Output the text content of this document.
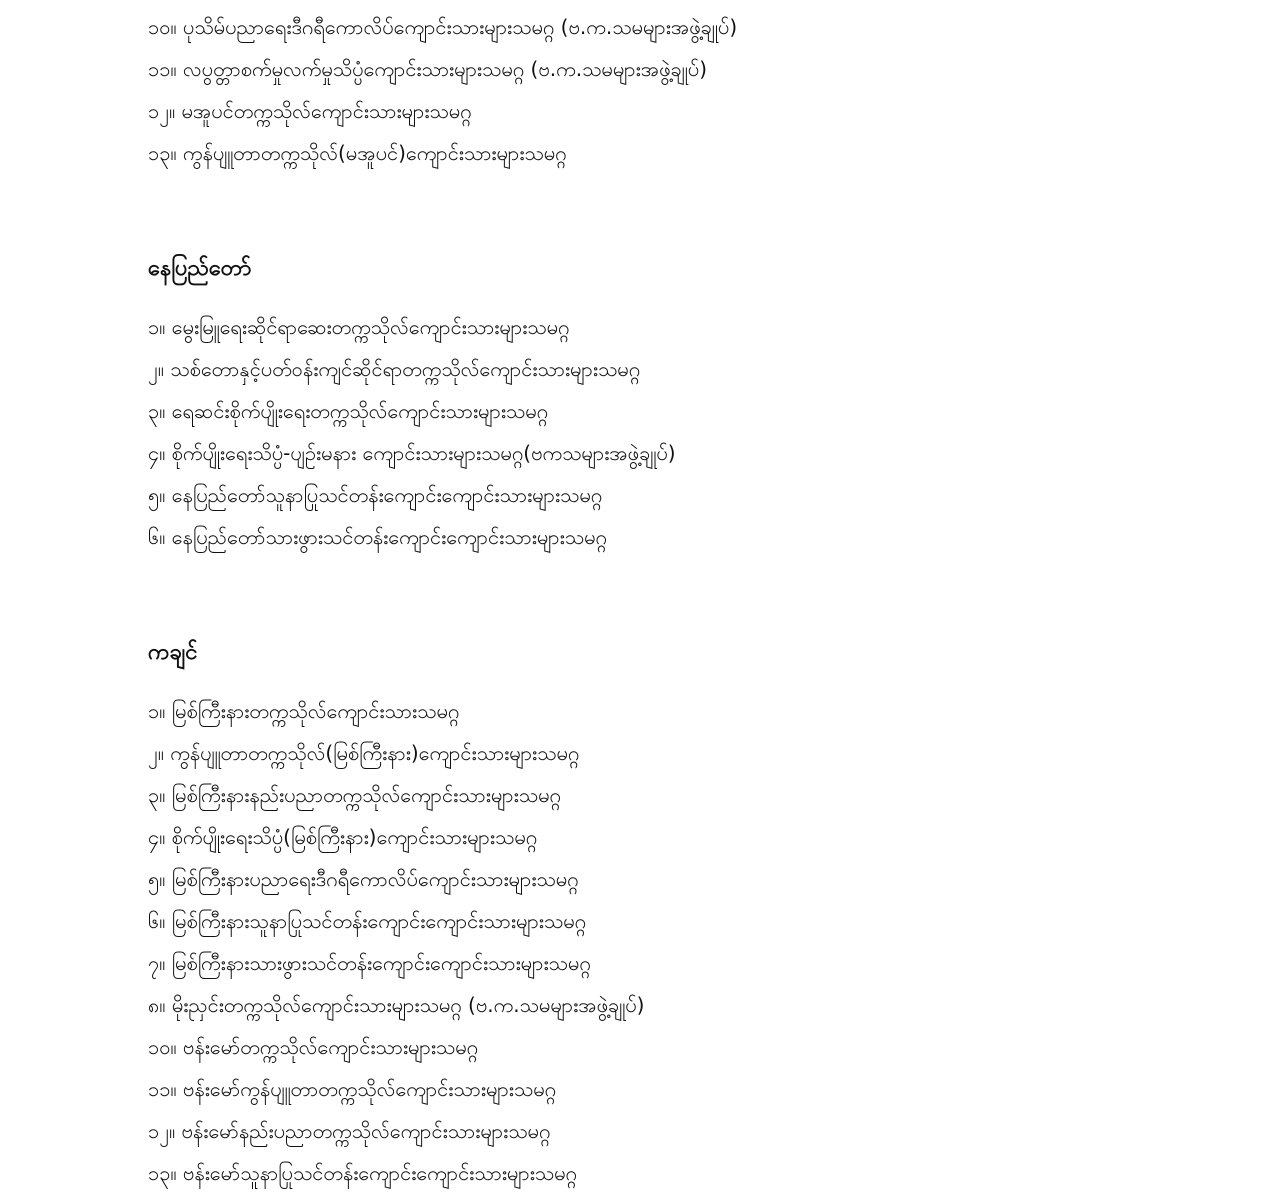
၁၀။ ပုသိမ်ပညာရေးဒီဂရီကောလိပ်ကျောင်းသားများသမဂ္ဂ (ဗ.က.သမများအဖွဲ့ချုပ်)

၁၁။ လပွတ္တာစက်မှုလက်မှုသိပ္ပံကျောင်းသားများသမဂ္ဂ (ဗ.က.သမများအဖွဲ့ချုပ်)

၁၂။ မအူပင်တက္ကသိုလ်ကျောင်းသားများသမဂ္ဂ

၁၃။ ကွန်ပျူတာတက္ကသိုလ်(မအူပင်)ကျောင်းသားများသမဂ္ဂ

နေပြည်တော်

၁။ မွေးမြူရေးဆိုင်ရာဆေးတက္ကသိုလ်ကျောင်းသားများသမဂ္ဂ

၂။ သစ်တောနှင့်ပတ်ဝန်းကျင်ဆိုင်ရာတက္ကသိုလ်ကျောင်းသားများသမဂ္ဂ

၃။ ရေဆင်းစိုက်ပျိုးရေးတက္ကသိုလ်ကျောင်းသားများသမဂ္ဂ

၄။ စိုက်ပျိုးရေးသိပ္ပံ-ပျဉ်းမနား ကျောင်းသားများသမဂ္ဂ(ဗကသများအဖွဲ့ချုပ်)

၅။ နေပြည်တော်သူနာပြုသင်တန်းကျောင်းကျောင်းသားများသမဂ္ဂ

၆။ နေပြည်တော်သားဖွားသင်တန်းကျောင်းကျောင်းသားများသမဂ္ဂ

ကချင်

၁။ မြစ်ကြီးနားတက္ကသိုလ်ကျောင်းသားသမဂ္ဂ

၂။ ကွန်ပျူတာတက္ကသိုလ်(မြစ်ကြီးနား)ကျောင်းသားများသမဂ္ဂ

၃။ မြစ်ကြီးနားနည်းပညာတက္ကသိုလ်ကျောင်းသားများသမဂ္ဂ

၄။ စိုက်ပျိုးရေးသိပ္ပံ(မြစ်ကြီးနား)ကျောင်းသားများသမဂ္ဂ

၅။ မြစ်ကြီးနားပညာရေးဒီဂရီကောလိပ်ကျောင်းသားများသမဂ္ဂ

၆။ မြစ်ကြီးနားသူနာပြုသင်တန်းကျောင်းကျောင်းသားများသမဂ္ဂ

၇။ မြစ်ကြီးနားသားဖွားသင်တန်းကျောင်းကျောင်းသားများသမဂ္ဂ

၈။ မိုးညှင်းတက္ကသိုလ်ကျောင်းသားများသမဂ္ဂ (ဗ.က.သမများအဖွဲ့ချုပ်)

၁၀။ ဗန်းမော်တက္ကသိုလ်ကျောင်းသားများသမဂ္ဂ

၁၁။ ဗန်းမော်ကွန်ပျူတာတက္ကသိုလ်ကျောင်းသားများသမဂ္ဂ

၁၂။ ဗန်းမော်နည်းပညာတက္ကသိုလ်ကျောင်းသားများသမဂ္ဂ

၁၃။ ဗန်းမော်သူနာပြုသင်တန်းကျောင်းကျောင်းသားများသမဂ္ဂ
